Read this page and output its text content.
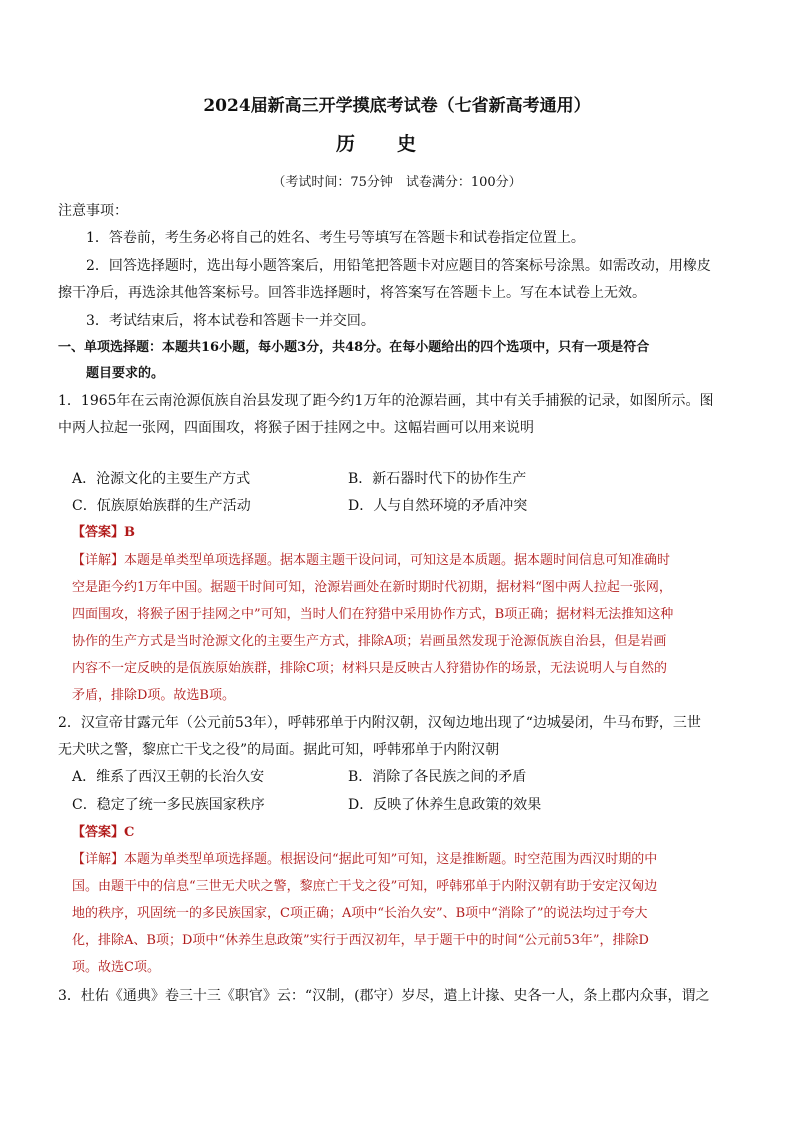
2024届新高三开学摸底考试卷（七省新高考通用）
历史
（考试时间：75分钟　试卷满分：100分）
注意事项：
1．答卷前，考生务必将自己的姓名、考生号等填写在答题卡和试卷指定位置上。
2．回答选择题时，选出每小题答案后，用铅笔把答题卡对应题目的答案标号涂黑。如需改动，用橡皮
擦干净后，再选涂其他答案标号。回答非选择题时，将答案写在答题卡上。写在本试卷上无效。
3．考试结束后，将本试卷和答题卡一并交回。
一、单项选择题：本题共16小题，每小题3分，共48分。在每小题给出的四个选项中，只有一项是符合
题目要求的。
1．1965年在云南沧源佤族自治县发现了距今约1万年的沧源岩画，其中有关手捕猴的记录，如图所示。图
中两人拉起一张网，四面围攻，将猴子困于挂网之中。这幅岩画可以用来说明
A．沧源文化的主要生产方式	B．新石器时代下的协作生产
C．佤族原始族群的生产活动	D．人与自然环境的矛盾冲突
【答案】B
【详解】本题是单类型单项选择题。据本题主题干设问词，可知这是本质题。据本题时间信息可知准确时
空是距今约1万年中国。据题干时间可知，沧源岩画处在新时期时代初期，据材料“图中两人拉起一张网，
四面围攻，将猴子困于挂网之中”可知，当时人们在狩猎中采用协作方式，B项正确；据材料无法推知这种
协作的生产方式是当时沧源文化的主要生产方式，排除A项；岩画虽然发现于沧源佤族自治县，但是岩画
内容不一定反映的是佤族原始族群，排除C项；材料只是反映古人狩猎协作的场景，无法说明人与自然的
矛盾，排除D项。故选B项。
2．汉宣帝甘露元年（公元前53年），呼韩邪单于内附汉朝，汉匈边地出现了“边城晏闭，牛马布野，三世
无犬吠之警，黎庶亡干戈之役”的局面。据此可知，呼韩邪单于内附汉朝
A．维系了西汉王朝的长治久安	B．消除了各民族之间的矛盾
C．稳定了统一多民族国家秩序	D．反映了休养生息政策的效果
【答案】C
【详解】本题为单类型单项选择题。根据设问“据此可知”可知，这是推断题。时空范围为西汉时期的中
国。由题干中的信息“三世无犬吠之警，黎庶亡干戈之役”可知，呼韩邪单于内附汉朝有助于安定汉匈边
地的秩序，巩固统一的多民族国家，C项正确；A项中“长治久安”、B项中“消除了”的说法均过于夸大
化，排除A、B项；D项中“休养生息政策”实行于西汉初年，早于题干中的时间“公元前53年”，排除D
项。故选C项。
3．杜佑《通典》卷三十三《职官》云：“汉制，(郡守）岁尽，遣上计掾、史各一人，条上郡内众事，谓之
